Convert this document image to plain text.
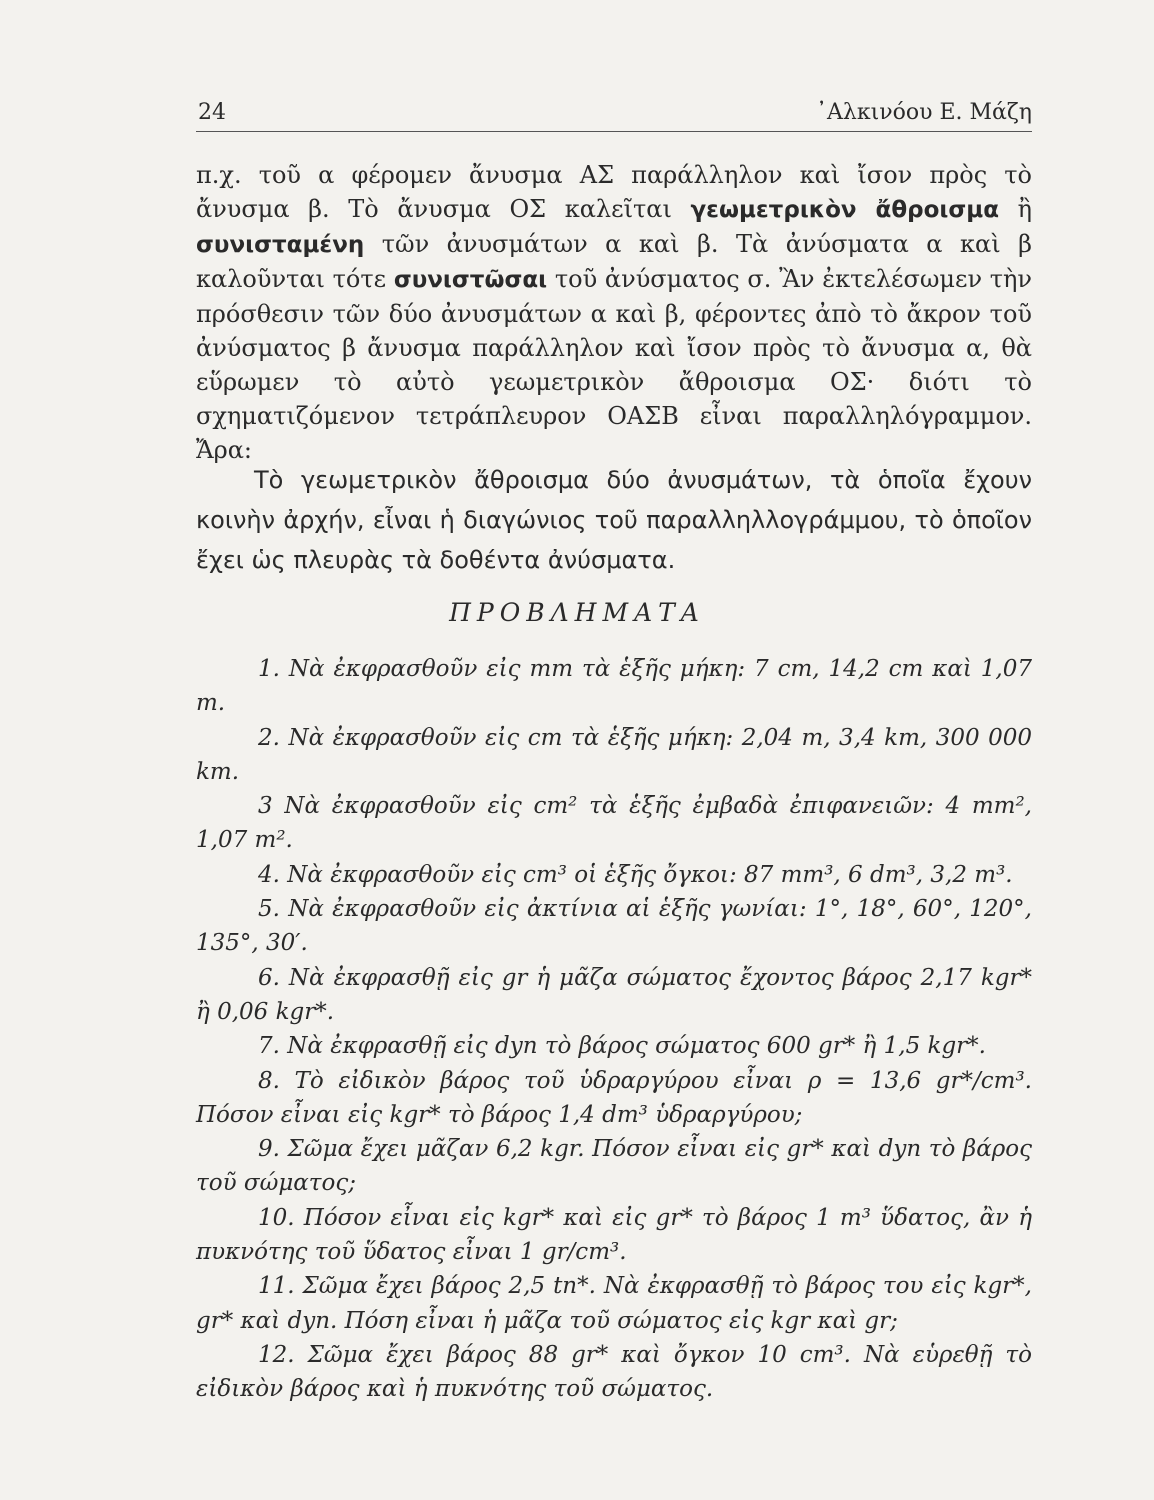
24	᾿Αλκινόου Ε. Μάζη

π.χ. τοῦ α φέρομεν ἄνυσμα ΑΣ παράλληλον καὶ ἴσον πρὸς τὸ ἄνυσμα β. Τὸ ἄνυσμα ΟΣ καλεῖται γεωμετρικὸν ἄθροισμα ἢ συνισταμένη τῶν ἀνυσμάτων α καὶ β. Τὰ ἀνύσματα α καὶ β καλοῦνται τότε συνιστῶσαι τοῦ ἀνύσματος σ. Ἂν ἐκτελέσωμεν τὴν πρόσθεσιν τῶν δύο ἀνυσμάτων α καὶ β, φέροντες ἀπὸ τὸ ἄκρον τοῦ ἀνύσματος β ἄνυσμα παράλληλον καὶ ἴσον πρὸς τὸ ἄνυσμα α, θὰ εὕρωμεν τὸ αὐτὸ γεωμετρικὸν ἄθροισμα ΟΣ· διότι τὸ σχηματιζόμενον τετράπλευρον ΟΑΣΒ εἶναι παραλληλόγραμμον. Ἄρα:

Τὸ γεωμετρικὸν ἄθροισμα δύο ἀνυσμάτων, τὰ ὁποῖα ἔχουν κοινὴν ἀρχήν, εἶναι ἡ διαγώνιος τοῦ παραλληλλογράμμου, τὸ ὁποῖον ἔχει ὡς πλευρὰς τὰ δοθέντα ἀνύσματα.

ΠΡΟΒΛΗΜΑΤΑ

1. Νὰ ἐκφρασθοῦν εἰς mm τὰ ἑξῆς μήκη: 7 cm, 14,2 cm καὶ 1,07 m.

2. Νὰ ἐκφρασθοῦν εἰς cm τὰ ἑξῆς μήκη: 2,04 m, 3,4 km, 300 000 km.

3 Νὰ ἐκφρασθοῦν εἰς cm² τὰ ἑξῆς ἐμβαδὰ ἐπιφανειῶν: 4 mm², 1,07 m².

4. Νὰ ἐκφρασθοῦν εἰς cm³ οἱ ἑξῆς ὄγκοι: 87 mm³, 6 dm³, 3,2 m³.

5. Νὰ ἐκφρασθοῦν εἰς ἀκτίνια αἱ ἑξῆς γωνίαι: 1°, 18°, 60°, 120°, 135°, 30′.

6. Νὰ ἐκφρασθῇ εἰς gr ἡ μᾶζα σώματος ἔχοντος βάρος 2,17 kgr* ἢ 0,06 kgr*.

7. Νὰ ἐκφρασθῇ εἰς dyn τὸ βάρος σώματος 600 gr* ἢ 1,5 kgr*.

8. Τὸ εἰδικὸν βάρος τοῦ ὑδραργύρου εἶναι ρ = 13,6 gr*/cm³. Πόσον εἶναι εἰς kgr* τὸ βάρος 1,4 dm³ ὑδραργύρου;

9. Σῶμα ἔχει μᾶζαν 6,2 kgr. Πόσον εἶναι εἰς gr* καὶ dyn τὸ βάρος τοῦ σώματος;

10. Πόσον εἶναι εἰς kgr* καὶ εἰς gr* τὸ βάρος 1 m³ ὕδατος, ἂν ἡ πυκνότης τοῦ ὕδατος εἶναι 1 gr/cm³.

11. Σῶμα ἔχει βάρος 2,5 tn*. Νὰ ἐκφρασθῇ τὸ βάρος του εἰς kgr*, gr* καὶ dyn. Πόση εἶναι ἡ μᾶζα τοῦ σώματος εἰς kgr καὶ gr;

12. Σῶμα ἔχει βάρος 88 gr* καὶ ὄγκον 10 cm³. Νὰ εὑρεθῇ τὸ εἰδικὸν βάρος καὶ ἡ πυκνότης τοῦ σώματος.
